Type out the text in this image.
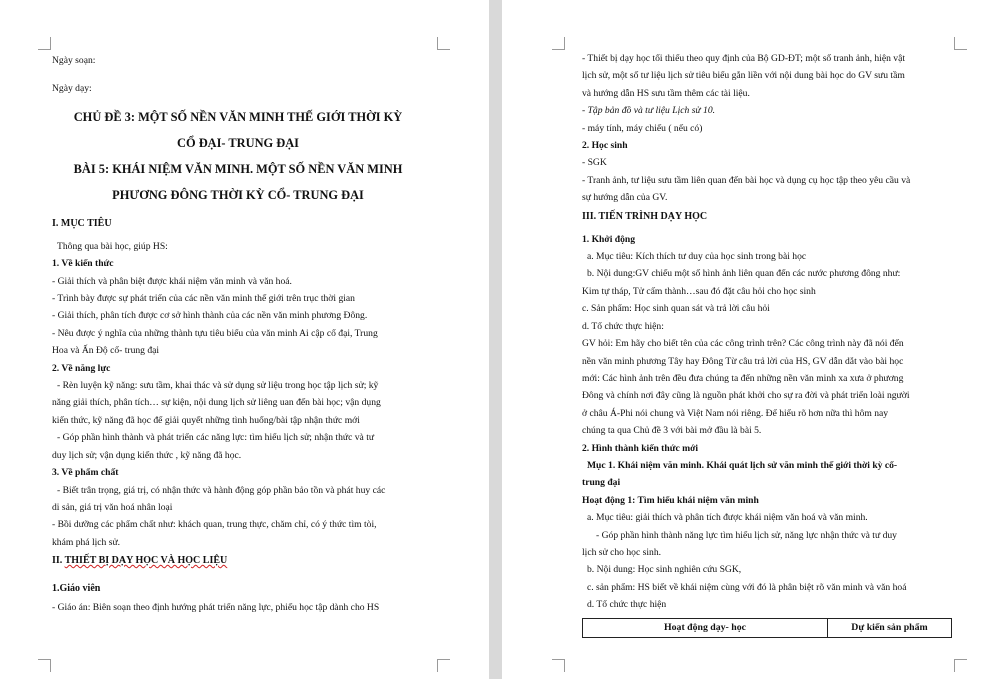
Ngày soạn:
Ngày dạy:
CHỦ ĐỀ 3: MỘT SỐ NỀN VĂN MINH THẾ GIỚI THỜI KỲ
CỔ ĐẠI- TRUNG ĐẠI
BÀI 5: KHÁI NIỆM VĂN MINH. MỘT SỐ NỀN VĂN MINH
PHƯƠNG ĐÔNG THỜI KỲ CỔ- TRUNG ĐẠI
I. MỤC TIÊU
Thông qua bài học, giúp HS:
1. Về kiến thức
- Giải thích và phân biệt được khái niệm văn minh và văn hoá.
- Trình bày được sự phát triển của các nền văn minh thế giới trên trục thời gian
- Giải thích, phân tích được cơ sở hình thành của các nền văn minh phương Đông.
- Nêu được ý nghĩa của những thành tựu tiêu biểu của văn minh Ai cập cổ đại, Trung
Hoa và Ấn Độ cổ- trung đại
2. Về năng lực
- Rèn luyện kỹ năng: sưu tầm, khai thác và sử dụng sử liệu trong học tập lịch sử; kỹ
năng giải thích, phân tích… sự kiện, nội dung lịch sử liêng uan đến bài học; vận dụng
kiến thức, kỹ năng đã học để giải quyết những tình huống/bài tập nhận thức mới
- Góp phần hình thành và phát triển các năng lực: tìm hiểu lịch sử; nhận thức và tư
duy lịch sử; vận dụng kiến thức , kỹ năng đã học.
3. Về phẩm chất
- Biết trân trọng, giá trị, có nhận thức và hành động góp phần bảo tồn và phát huy các
di sản, giá trị văn hoá nhân loại
- Bồi dưỡng các phẩm chất như: khách quan, trung thực, chăm chỉ, có ý thức tìm tòi,
khám phá lịch sử.
II. THIẾT BỊ DẠY HỌC VÀ HỌC LIỆU
1.Giáo viên
- Giáo án: Biên soạn theo định hướng phát triển năng lực, phiếu học tập dành cho HS
- Thiết bị dạy học tối thiểu theo quy định của Bộ GD-ĐT; một số tranh ảnh, hiện vật
lịch sử, một số tư liệu lịch sử tiêu biểu gắn liền với nội dung bài học do GV sưu tầm
và hướng dẫn HS sưu tầm thêm các tài liệu.
- Tập bản đồ và tư liệu Lịch sử 10.
- máy tính, máy chiếu ( nếu có)
2. Học sinh
- SGK
- Tranh ảnh, tư liệu sưu tầm liên quan đến bài học và dụng cụ học tập theo yêu cầu và
sự hướng dẫn của GV.
III. TIẾN TRÌNH DẠY HỌC
1. Khởi động
a. Mục tiêu: Kích thích tư duy của học sinh trong bài học
b. Nội dung:GV chiếu một số hình ảnh liên quan đến các nước phương đông như:
Kim tự tháp, Tử cấm thành…sau đó đặt câu hỏi cho học sinh
c. Sản phẩm: Học sinh quan sát và trả lời câu hỏi
d. Tổ chức thực hiện:
GV hỏi: Em hãy cho biết tên của các công trình trên? Các công trình này đã nói đến
nền văn minh phương Tây hay Đông Từ câu trả lời của HS, GV dẫn dắt vào bài học
mới: Các hình ảnh trên đều đưa chúng ta đến những nền văn minh xa xưa ở phương
Đông và chính nơi đây cũng là nguồn phát khởi cho sự ra đời và phát triển loài người
ở châu Á-Phi nói chung và Việt Nam nói riêng. Để hiểu rõ hơn nữa thì hôm nay
chúng ta qua Chủ đề 3 với bài mở đầu là bài 5.
2. Hình thành kiến thức mới
Mục 1. Khái niệm văn minh. Khái quát lịch sử văn minh thế giới thời kỳ cổ-
trung đại
Hoạt động 1: Tìm hiểu khái niệm văn minh
a. Mục tiêu: giải thích và phân tích được khái niệm văn hoá và văn minh.
- Góp phần hình thành năng lực tìm hiểu lịch sử, năng lực nhận thức và tư duy
lịch sử cho học sinh.
b. Nội dung: Học sinh nghiên cứu SGK,
c. sản phẩm: HS biết về khái niệm cùng với đó là phân biệt rõ văn minh và văn hoá
d. Tổ chức thực hiện
Hoạt động dạy- học	Dự kiến sản phẩm
